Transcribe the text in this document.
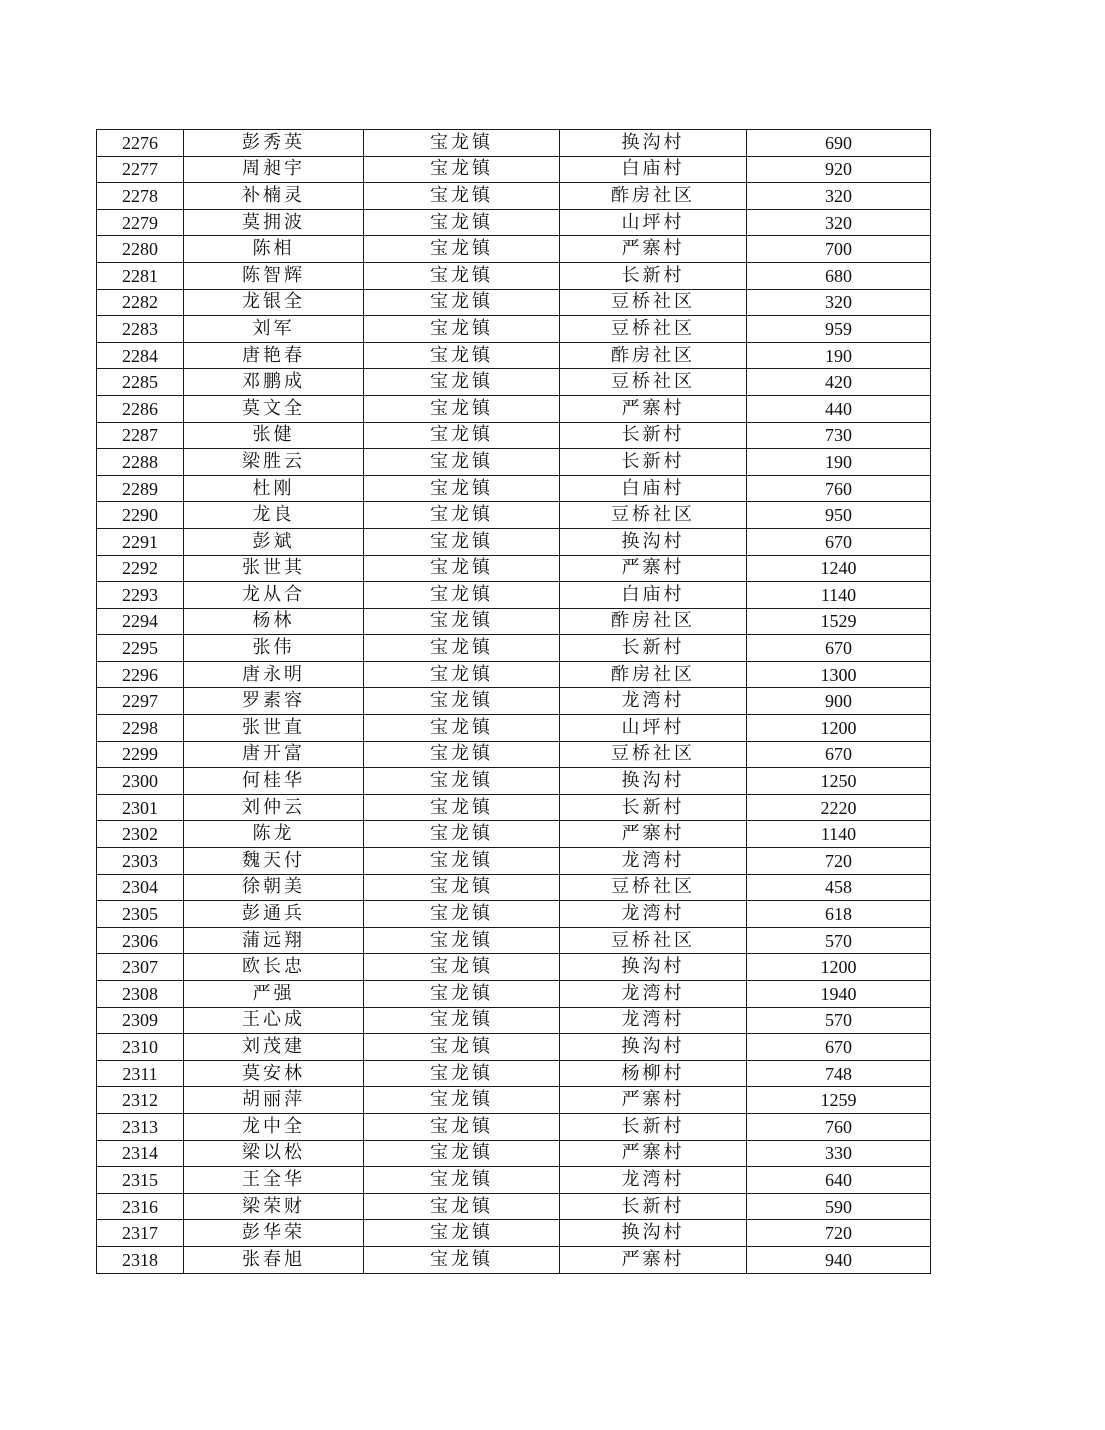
2276	彭秀英	宝龙镇	换沟村	690
2277	周昶宇	宝龙镇	白庙村	920
2278	补楠灵	宝龙镇	酢房社区	320
2279	莫拥波	宝龙镇	山坪村	320
2280	陈相	宝龙镇	严寨村	700
2281	陈智辉	宝龙镇	长新村	680
2282	龙银全	宝龙镇	豆桥社区	320
2283	刘军	宝龙镇	豆桥社区	959
2284	唐艳春	宝龙镇	酢房社区	190
2285	邓鹏成	宝龙镇	豆桥社区	420
2286	莫文全	宝龙镇	严寨村	440
2287	张健	宝龙镇	长新村	730
2288	梁胜云	宝龙镇	长新村	190
2289	杜刚	宝龙镇	白庙村	760
2290	龙良	宝龙镇	豆桥社区	950
2291	彭斌	宝龙镇	换沟村	670
2292	张世其	宝龙镇	严寨村	1240
2293	龙从合	宝龙镇	白庙村	1140
2294	杨林	宝龙镇	酢房社区	1529
2295	张伟	宝龙镇	长新村	670
2296	唐永明	宝龙镇	酢房社区	1300
2297	罗素容	宝龙镇	龙湾村	900
2298	张世直	宝龙镇	山坪村	1200
2299	唐开富	宝龙镇	豆桥社区	670
2300	何桂华	宝龙镇	换沟村	1250
2301	刘仲云	宝龙镇	长新村	2220
2302	陈龙	宝龙镇	严寨村	1140
2303	魏天付	宝龙镇	龙湾村	720
2304	徐朝美	宝龙镇	豆桥社区	458
2305	彭通兵	宝龙镇	龙湾村	618
2306	蒲远翔	宝龙镇	豆桥社区	570
2307	欧长忠	宝龙镇	换沟村	1200
2308	严强	宝龙镇	龙湾村	1940
2309	王心成	宝龙镇	龙湾村	570
2310	刘茂建	宝龙镇	换沟村	670
2311	莫安林	宝龙镇	杨柳村	748
2312	胡丽萍	宝龙镇	严寨村	1259
2313	龙中全	宝龙镇	长新村	760
2314	梁以松	宝龙镇	严寨村	330
2315	王全华	宝龙镇	龙湾村	640
2316	梁荣财	宝龙镇	长新村	590
2317	彭华荣	宝龙镇	换沟村	720
2318	张春旭	宝龙镇	严寨村	940
